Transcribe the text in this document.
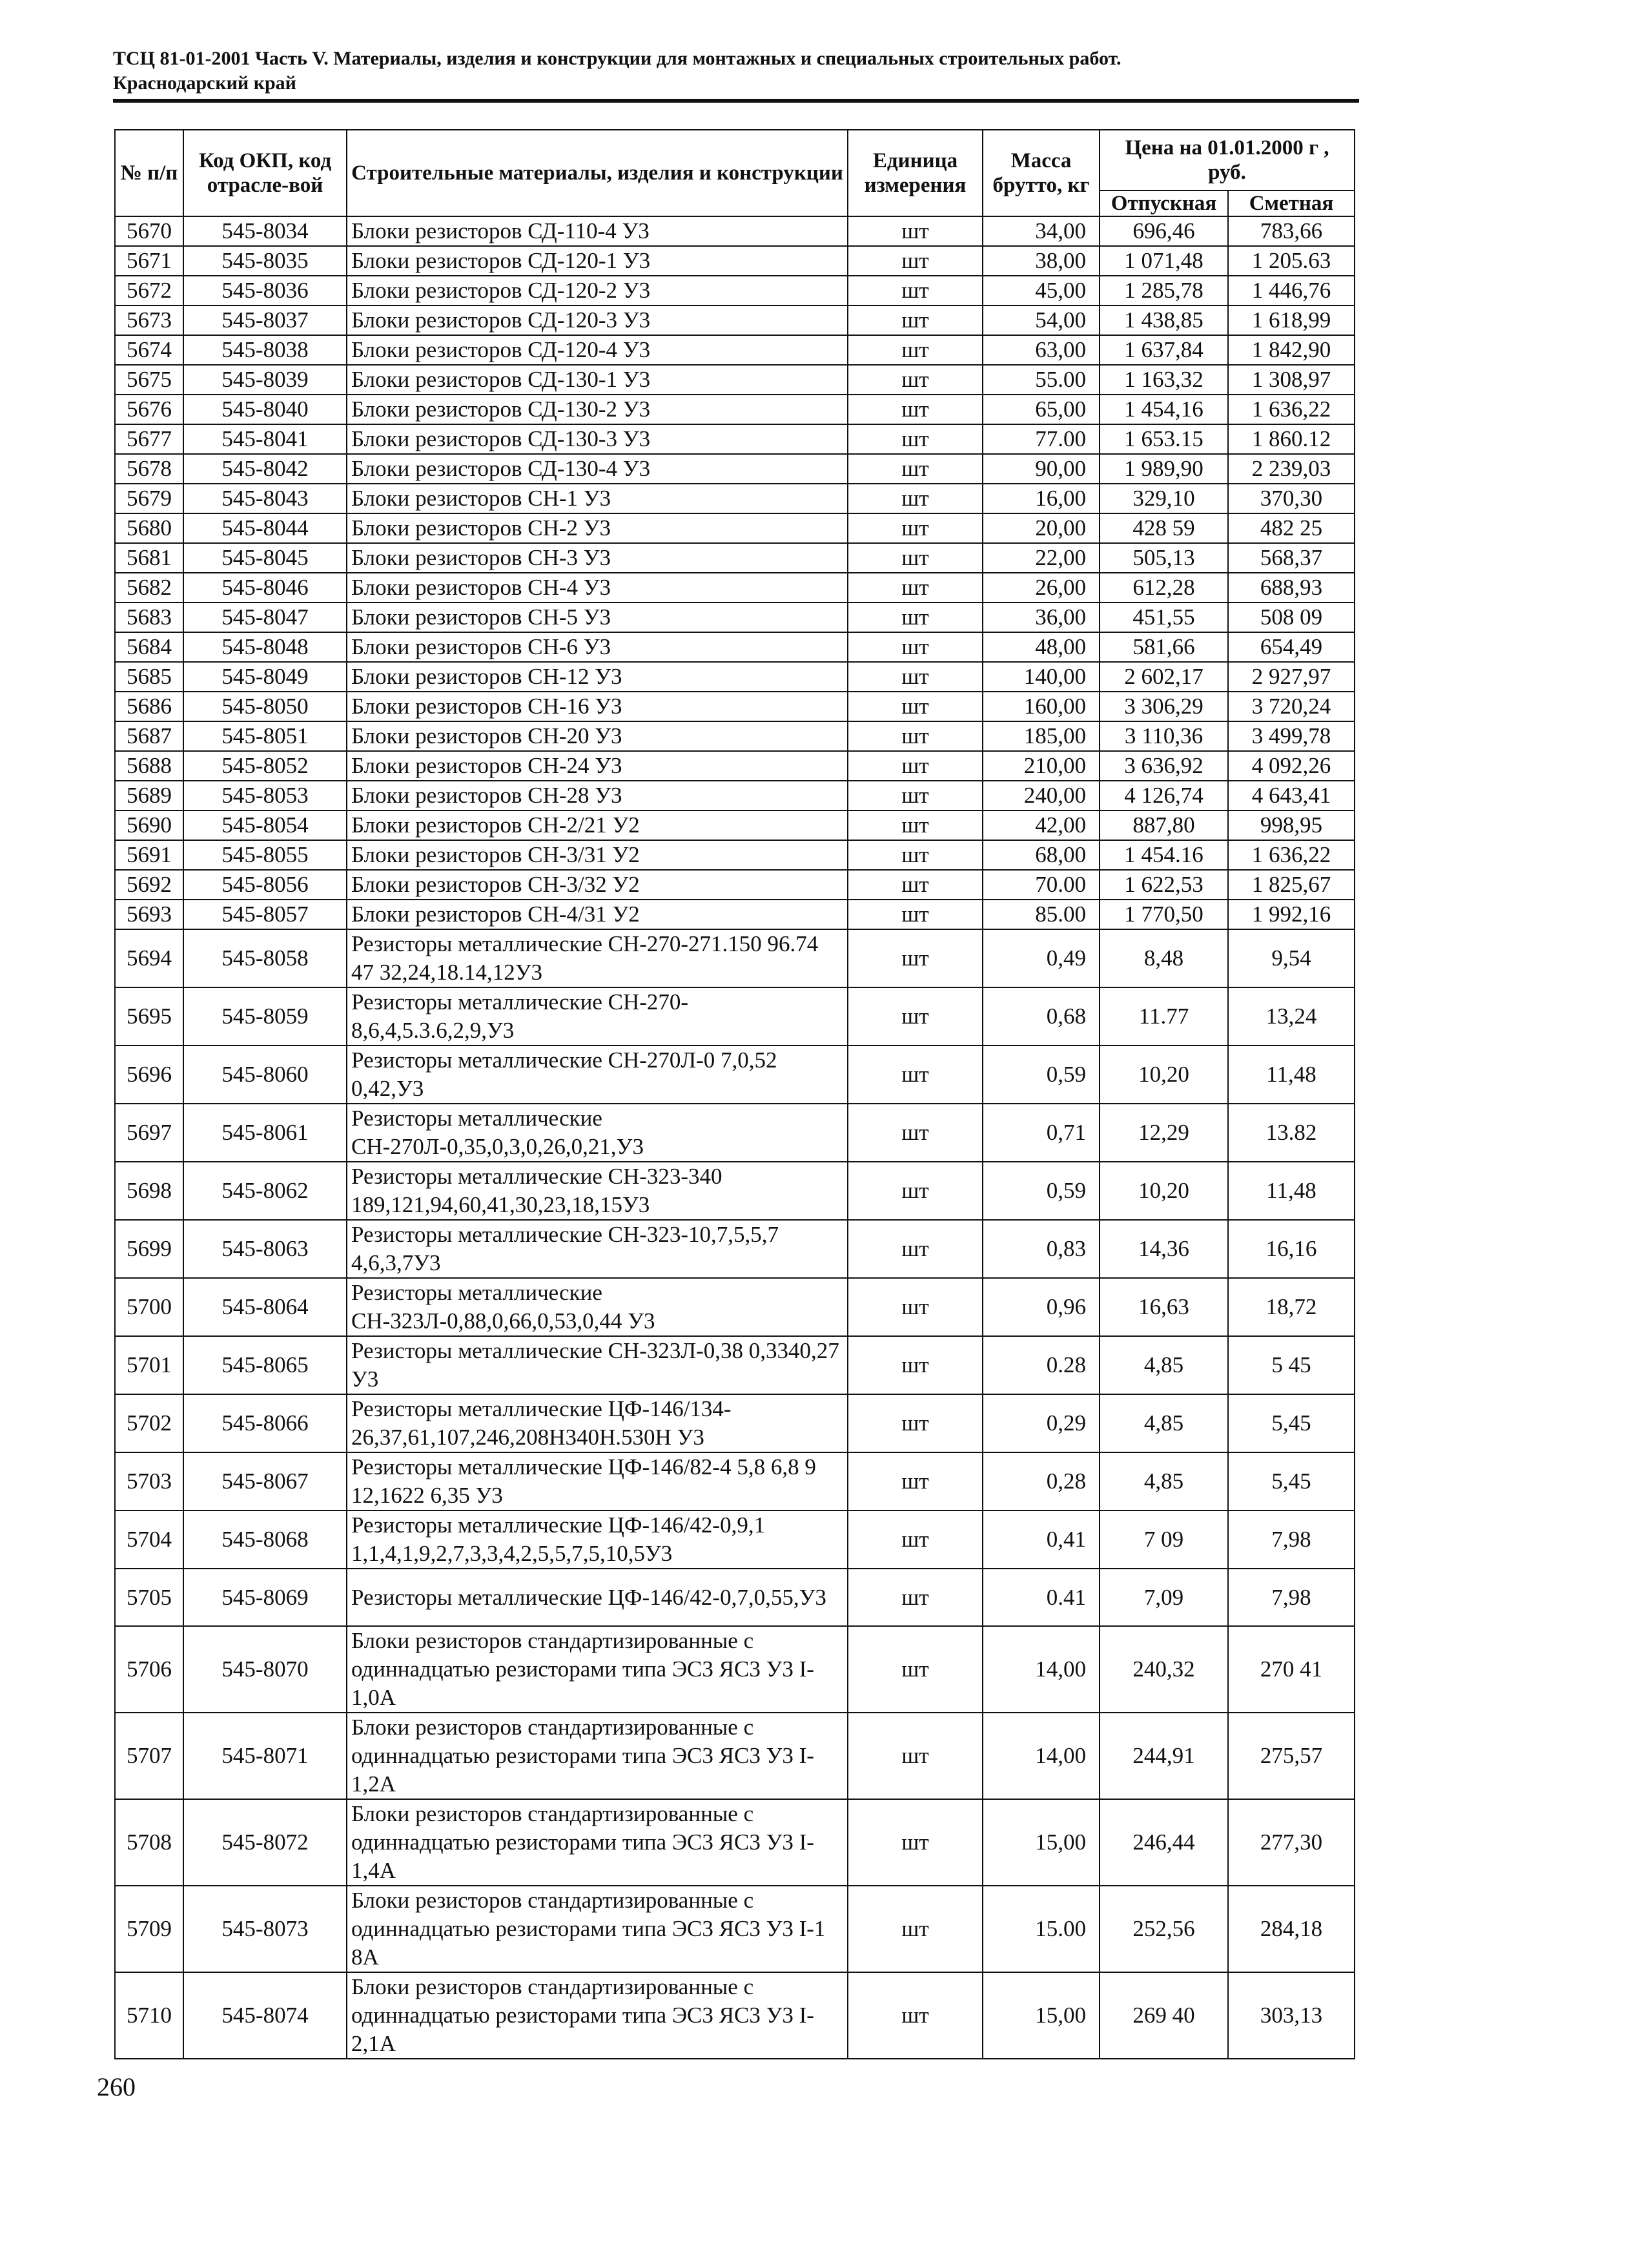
ТСЦ 81-01-2001 Часть V. Материалы, изделия и конструкции для монтажных и специальных строительных работ.
Краснодарский край
№ п/п	Код ОКП, код отрасле-вой	Строительные материалы, изделия и конструкции	Единица измерения	Масса брутто, кг	Цена на 01.01.2000 г , руб.	
					Отпускная	Сметная
5670	545-8034	Блоки резисторов СД-110-4 У3	шт	34,00	696,46	783,66
5671	545-8035	Блоки резисторов СД-120-1 У3	шт	38,00	1 071,48	1 205.63
5672	545-8036	Блоки резисторов СД-120-2 У3	шт	45,00	1 285,78	1 446,76
5673	545-8037	Блоки резисторов СД-120-3 У3	шт	54,00	1 438,85	1 618,99
5674	545-8038	Блоки резисторов СД-120-4 У3	шт	63,00	1 637,84	1 842,90
5675	545-8039	Блоки резисторов СД-130-1 У3	шт	55.00	1 163,32	1 308,97
5676	545-8040	Блоки резисторов СД-130-2 У3	шт	65,00	1 454,16	1 636,22
5677	545-8041	Блоки резисторов СД-130-3 У3	шт	77.00	1 653.15	1 860.12
5678	545-8042	Блоки резисторов СД-130-4 У3	шт	90,00	1 989,90	2 239,03
5679	545-8043	Блоки резисторов СН-1 У3	шт	16,00	329,10	370,30
5680	545-8044	Блоки резисторов СН-2 У3	шт	20,00	428 59	482 25
5681	545-8045	Блоки резисторов СН-3 У3	шт	22,00	505,13	568,37
5682	545-8046	Блоки резисторов СН-4 У3	шт	26,00	612,28	688,93
5683	545-8047	Блоки резисторов СН-5 У3	шт	36,00	451,55	508 09
5684	545-8048	Блоки резисторов СН-6 У3	шт	48,00	581,66	654,49
5685	545-8049	Блоки резисторов СН-12 У3	шт	140,00	2 602,17	2 927,97
5686	545-8050	Блоки резисторов СН-16 У3	шт	160,00	3 306,29	3 720,24
5687	545-8051	Блоки резисторов СН-20 У3	шт	185,00	3 110,36	3 499,78
5688	545-8052	Блоки резисторов СН-24 У3	шт	210,00	3 636,92	4 092,26
5689	545-8053	Блоки резисторов СН-28 У3	шт	240,00	4 126,74	4 643,41
5690	545-8054	Блоки резисторов СН-2/21 У2	шт	42,00	887,80	998,95
5691	545-8055	Блоки резисторов СН-3/31 У2	шт	68,00	1 454.16	1 636,22
5692	545-8056	Блоки резисторов СН-3/32 У2	шт	70.00	1 622,53	1 825,67
5693	545-8057	Блоки резисторов СН-4/31 У2	шт	85.00	1 770,50	1 992,16
5694	545-8058	Резисторы металлические СН-270-271.150 96.74 47 32,24,18.14,12У3	шт	0,49	8,48	9,54
5695	545-8059	Резисторы металлические СН-270-8,6,4,5.3.6,2,9,У3	шт	0,68	11.77	13,24
5696	545-8060	Резисторы металлические СН-270Л-0 7,0,52 0,42,У3	шт	0,59	10,20	11,48
5697	545-8061	Резисторы металлические СН-270Л-0,35,0,3,0,26,0,21,У3	шт	0,71	12,29	13.82
5698	545-8062	Резисторы металлические СН-323-340 189,121,94,60,41,30,23,18,15У3	шт	0,59	10,20	11,48
5699	545-8063	Резисторы металлические СН-323-10,7,5,5,7 4,6,3,7У3	шт	0,83	14,36	16,16
5700	545-8064	Резисторы металлические СН-323Л-0,88,0,66,0,53,0,44 У3	шт	0,96	16,63	18,72
5701	545-8065	Резисторы металлические СН-323Л-0,38 0,3340,27 У3	шт	0.28	4,85	5 45
5702	545-8066	Резисторы металлические ЦФ-146/134-26,37,61,107,246,208Н340Н.530Н У3	шт	0,29	4,85	5,45
5703	545-8067	Резисторы металлические ЦФ-146/82-4 5,8 6,8 9 12,1622 6,35 У3	шт	0,28	4,85	5,45
5704	545-8068	Резисторы металлические ЦФ-146/42-0,9,1 1,1,4,1,9,2,7,3,3,4,2,5,5,7,5,10,5У3	шт	0,41	7 09	7,98
5705	545-8069	Резисторы металлические ЦФ-146/42-0,7,0,55,У3	шт	0.41	7,09	7,98
5706	545-8070	Блоки резисторов стандартизированные с одиннадцатью резисторами типа ЭС3 ЯС3 У3 I-1,0А	шт	14,00	240,32	270 41
5707	545-8071	Блоки резисторов стандартизированные с одиннадцатью резисторами типа ЭС3 ЯС3 У3 I-1,2А	шт	14,00	244,91	275,57
5708	545-8072	Блоки резисторов стандартизированные с одиннадцатью резисторами типа ЭС3 ЯС3 У3 I-1,4А	шт	15,00	246,44	277,30
5709	545-8073	Блоки резисторов стандартизированные с одиннадцатью резисторами типа ЭС3 ЯС3 У3 I-1 8А	шт	15.00	252,56	284,18
5710	545-8074	Блоки резисторов стандартизированные с одиннадцатью резисторами типа ЭС3 ЯС3 У3 I-2,1А	шт	15,00	269 40	303,13
260
